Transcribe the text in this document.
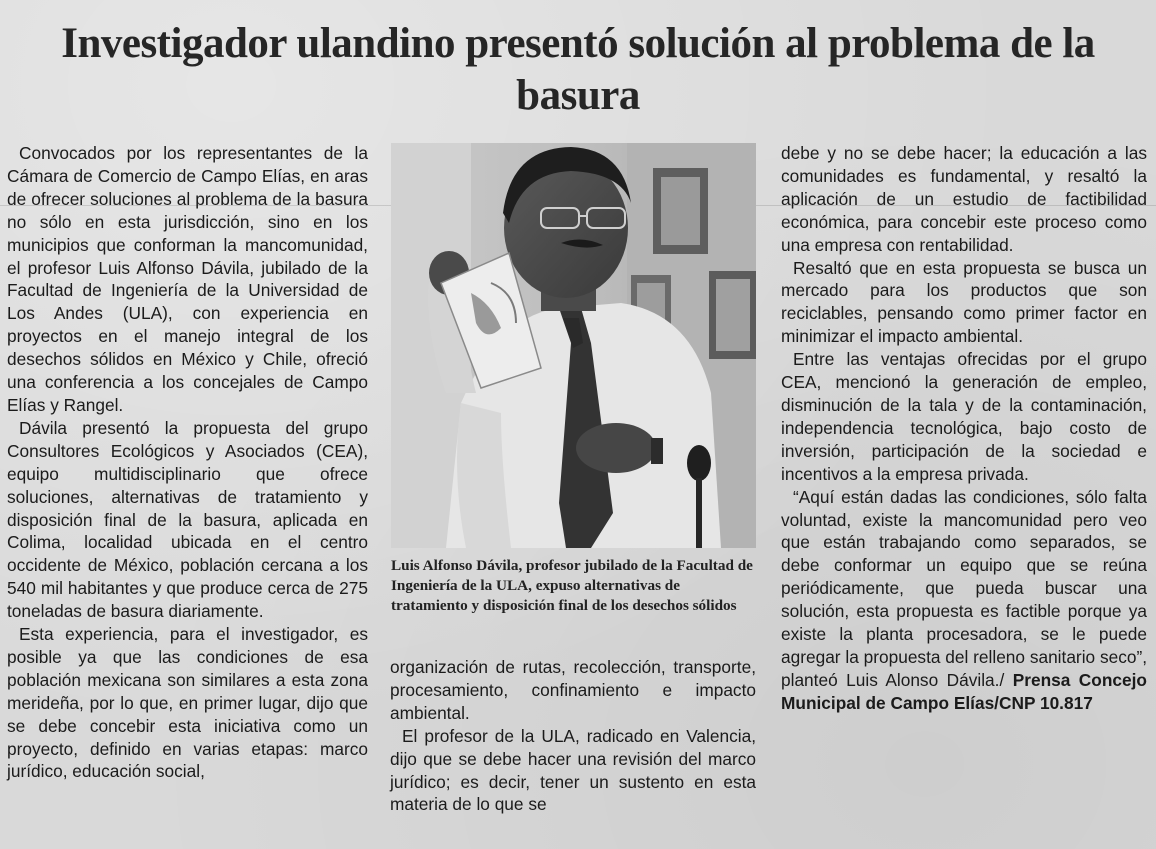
Investigador ulandino presentó solución al problema de la basura

Convocados por los representantes de la Cámara de Comercio de Campo Elías, en aras de ofrecer soluciones al problema de la basura no sólo en esta jurisdicción, sino en los municipios que conforman la mancomunidad, el profesor Luis Alfonso Dávila, jubilado de la Facultad de Ingeniería de la Universidad de Los Andes (ULA), con experiencia en proyectos en el manejo integral de los desechos sólidos en México y Chile, ofreció una conferencia a los concejales de Campo Elías y Rangel.

Dávila presentó la propuesta del grupo Consultores Ecológicos y Asociados (CEA), equipo multidisciplinario que ofrece soluciones, alternativas de tratamiento y disposición final de la basura, aplicada en Colima, localidad ubicada en el centro occidente de México, población cercana a los 540 mil habitantes y que produce cerca de 275 toneladas de basura diariamente.

Esta experiencia, para el investigador, es posible ya que las condiciones de esa población mexicana son similares a esta zona merideña, por lo que, en primer lugar, dijo que se debe concebir esta iniciativa como un proyecto, definido en varias etapas: marco jurídico, educación social,

Luis Alfonso Dávila, profesor jubilado de la Facultad de Ingeniería de la ULA, expuso alternativas de tratamiento y disposición final de los desechos sólidos

organización de rutas, recolección, transporte, procesamiento, confinamiento e impacto ambiental.

El profesor de la ULA, radicado en Valencia, dijo que se debe hacer una revisión del marco jurídico; es decir, tener un sustento en esta materia de lo que se

debe y no se debe hacer; la educación a las comunidades es fundamental, y resaltó la aplicación de un estudio de factibilidad económica, para concebir este proceso como una empresa con rentabilidad.

Resaltó que en esta propuesta se busca un mercado para los productos que son reciclables, pensando como primer factor en minimizar el impacto ambiental.

Entre las ventajas ofrecidas por el grupo CEA, mencionó la generación de empleo, disminución de la tala y de la contaminación, independencia tecnológica, bajo costo de inversión, participación de la sociedad e incentivos a la empresa privada.

“Aquí están dadas las condiciones, sólo falta voluntad, existe la mancomunidad pero veo que están trabajando como separados, se debe conformar un equipo que se reúna periódicamente, que pueda buscar una solución, esta propuesta es factible porque ya existe la planta procesadora, se le puede agregar la propuesta del relleno sanitario seco”, planteó Luis Alonso Dávila./ Prensa Concejo Municipal de Campo Elías/CNP 10.817
